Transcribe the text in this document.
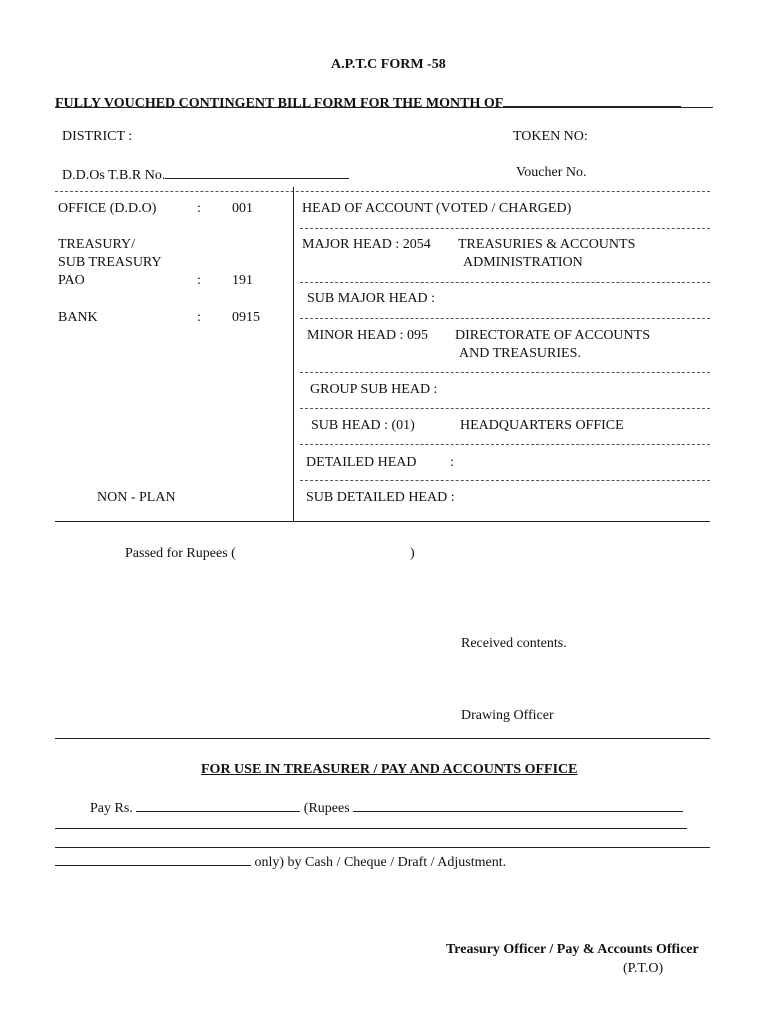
A.P.T.C FORM -58
FULLY VOUCHED CONTINGENT BILL FORM FOR THE MONTH OF
DISTRICT :	TOKEN NO:
D.D.Os T.B.R No.	Voucher No.
OFFICE (D.D.O)	: 001
TREASURY/
SUB TREASURY
PAO	: 191
BANK	: 0915
NON - PLAN
HEAD OF ACCOUNT (VOTED / CHARGED)
MAJOR HEAD : 2054 TREASURIES & ACCOUNTS
ADMINISTRATION
SUB MAJOR HEAD :
MINOR HEAD : 095 DIRECTORATE OF ACCOUNTS
AND TREASURIES.
GROUP SUB HEAD :
SUB HEAD : (01)	HEADQUARTERS OFFICE
DETAILED HEAD :
SUB DETAILED HEAD :
Passed for Rupees (	)
Received contents.
Drawing Officer
FOR USE IN TREASURER / PAY AND ACCOUNTS OFFICE
Pay Rs.	(Rupees
only) by Cash / Cheque / Draft / Adjustment.
Treasury Officer / Pay & Accounts Officer
(P.T.O)
